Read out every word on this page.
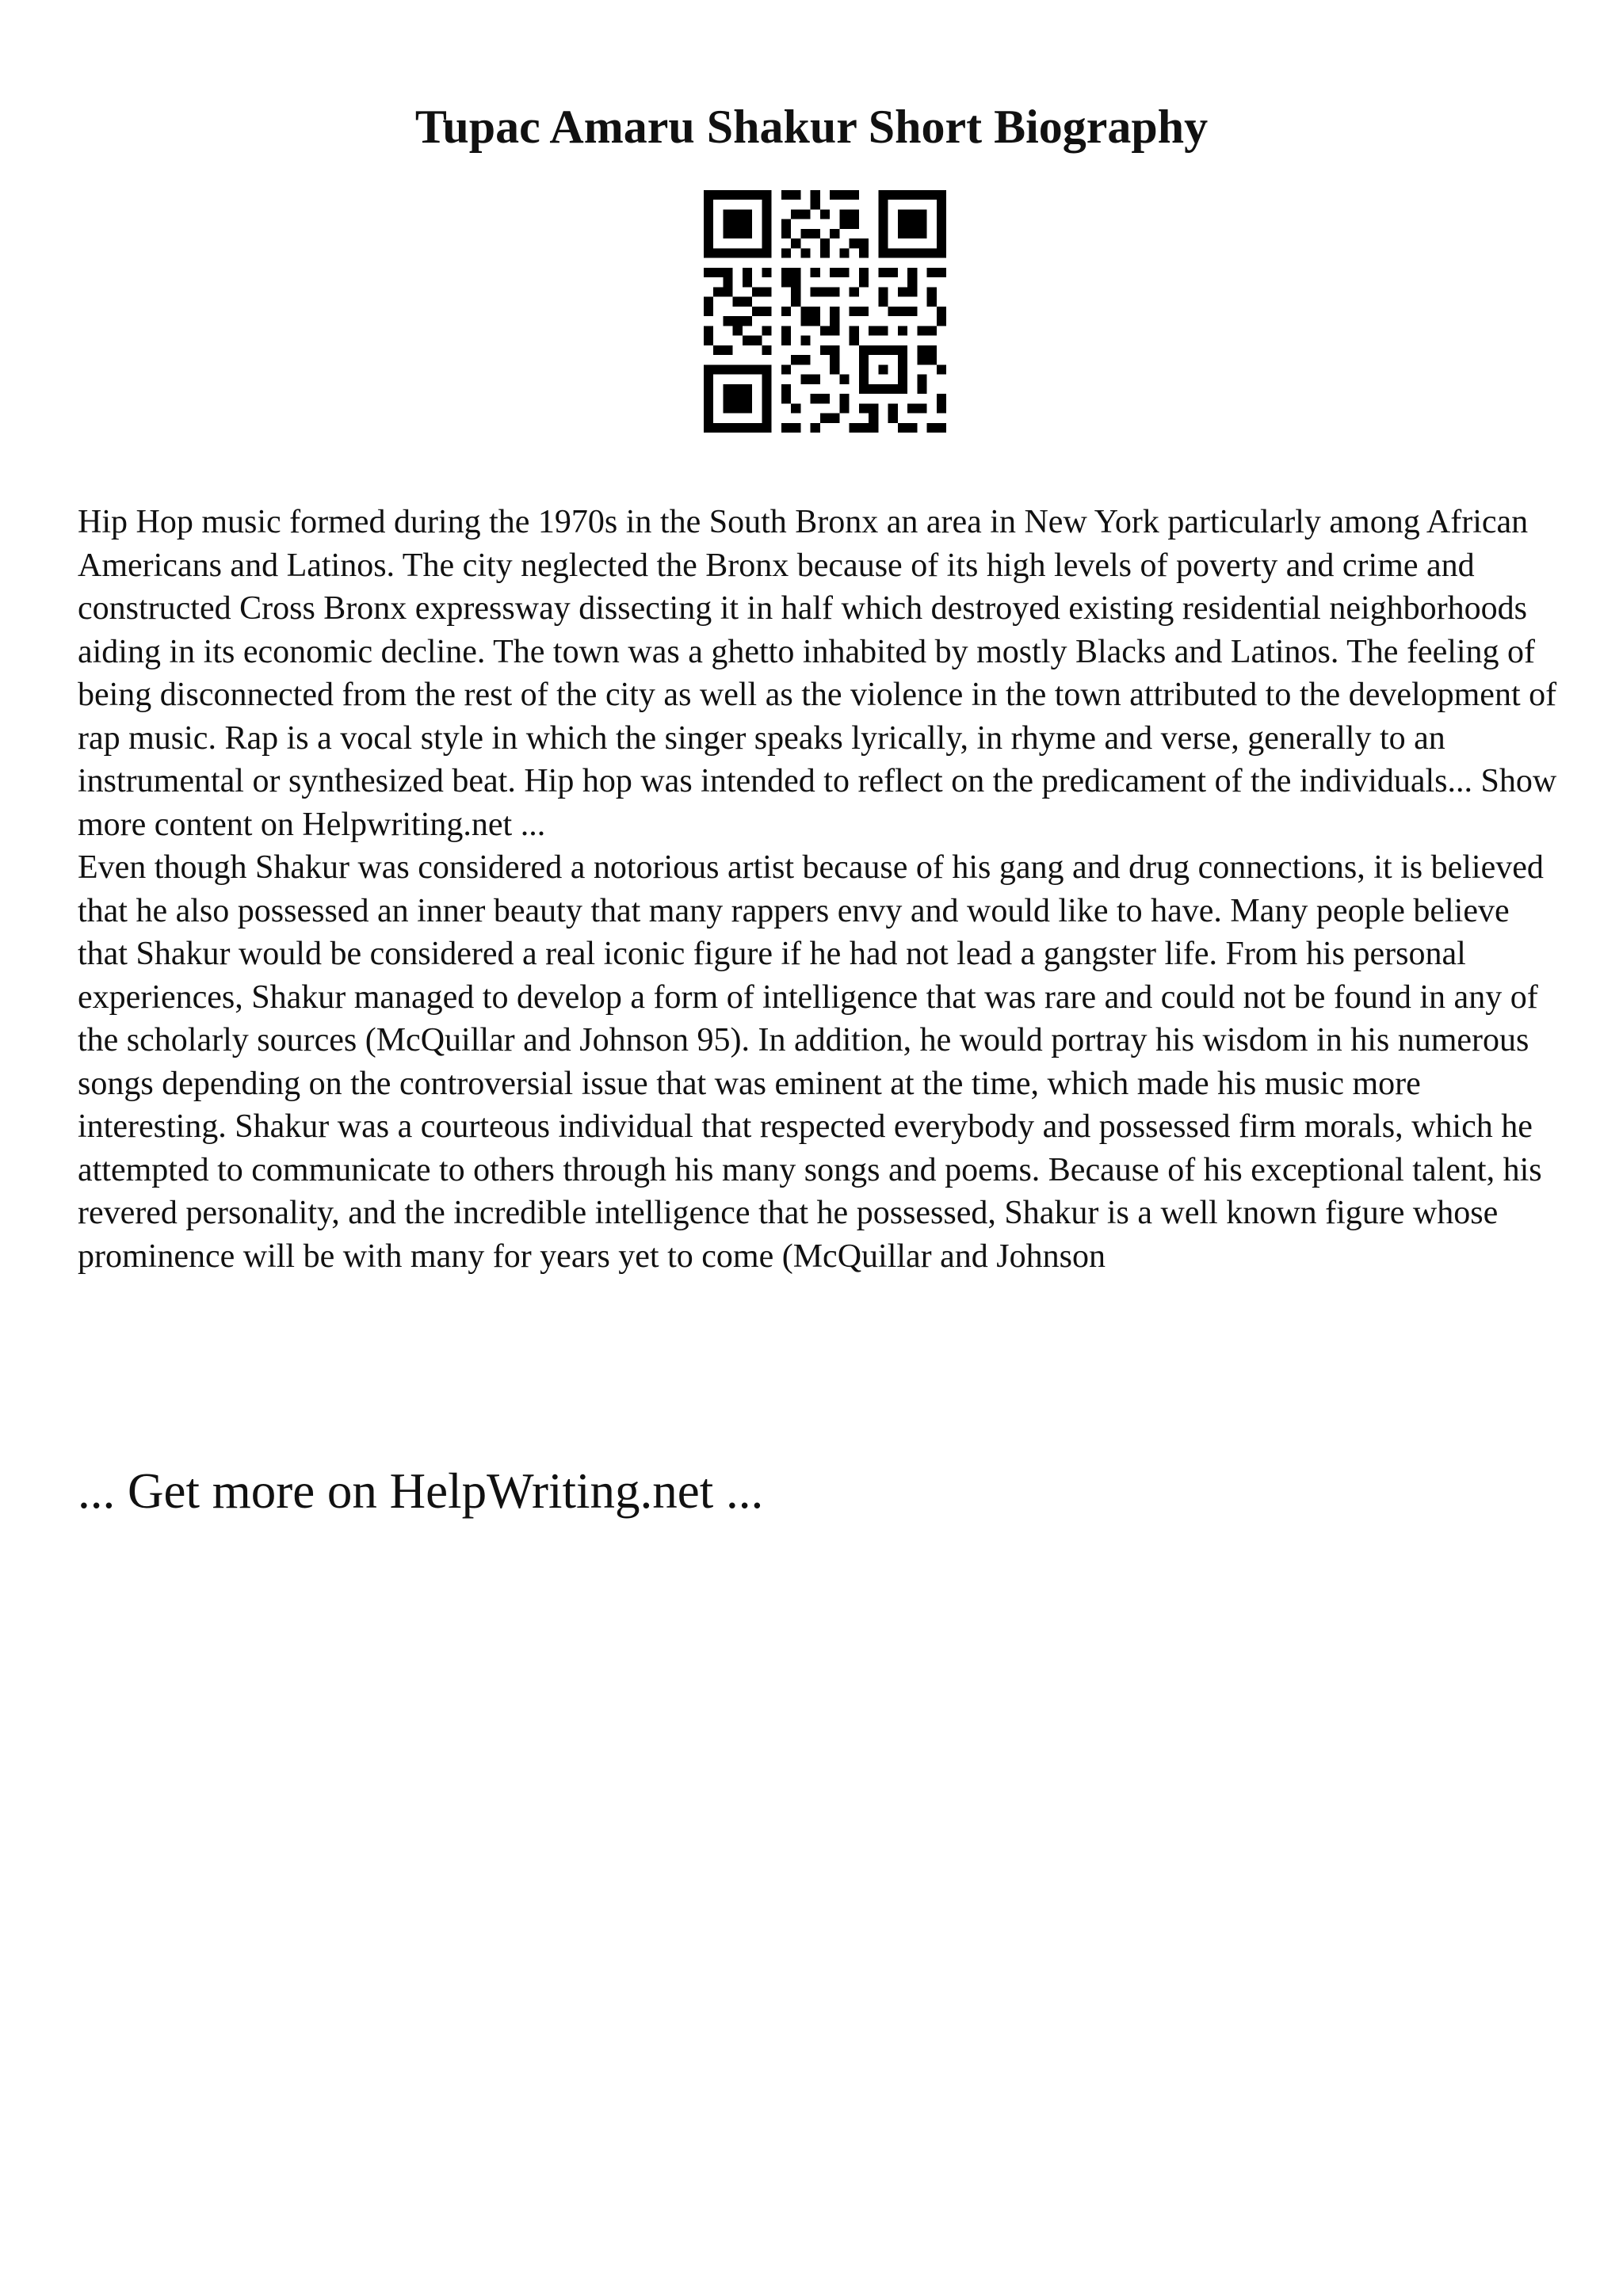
Tupac Amaru Shakur Short Biography

Hip Hop music formed during the 1970s in the South Bronx an area in New York particularly among African Americans and Latinos. The city neglected the Bronx because of its high levels of poverty and crime and constructed Cross Bronx expressway dissecting it in half which destroyed existing residential neighborhoods aiding in its economic decline. The town was a ghetto inhabited by mostly Blacks and Latinos. The feeling of being disconnected from the rest of the city as well as the violence in the town attributed to the development of rap music. Rap is a vocal style in which the singer speaks lyrically, in rhyme and verse, generally to an instrumental or synthesized beat. Hip hop was intended to reflect on the predicament of the individuals... Show more content on Helpwriting.net ...

Even though Shakur was considered a notorious artist because of his gang and drug connections, it is believed that he also possessed an inner beauty that many rappers envy and would like to have. Many people believe that Shakur would be considered a real iconic figure if he had not lead a gangster life. From his personal experiences, Shakur managed to develop a form of intelligence that was rare and could not be found in any of the scholarly sources (McQuillar and Johnson 95). In addition, he would portray his wisdom in his numerous songs depending on the controversial issue that was eminent at the time, which made his music more interesting. Shakur was a courteous individual that respected everybody and possessed firm morals, which he attempted to communicate to others through his many songs and poems. Because of his exceptional talent, his revered personality, and the incredible intelligence that he possessed, Shakur is a well known figure whose prominence will be with many for years yet to come (McQuillar and Johnson

... Get more on HelpWriting.net ...
